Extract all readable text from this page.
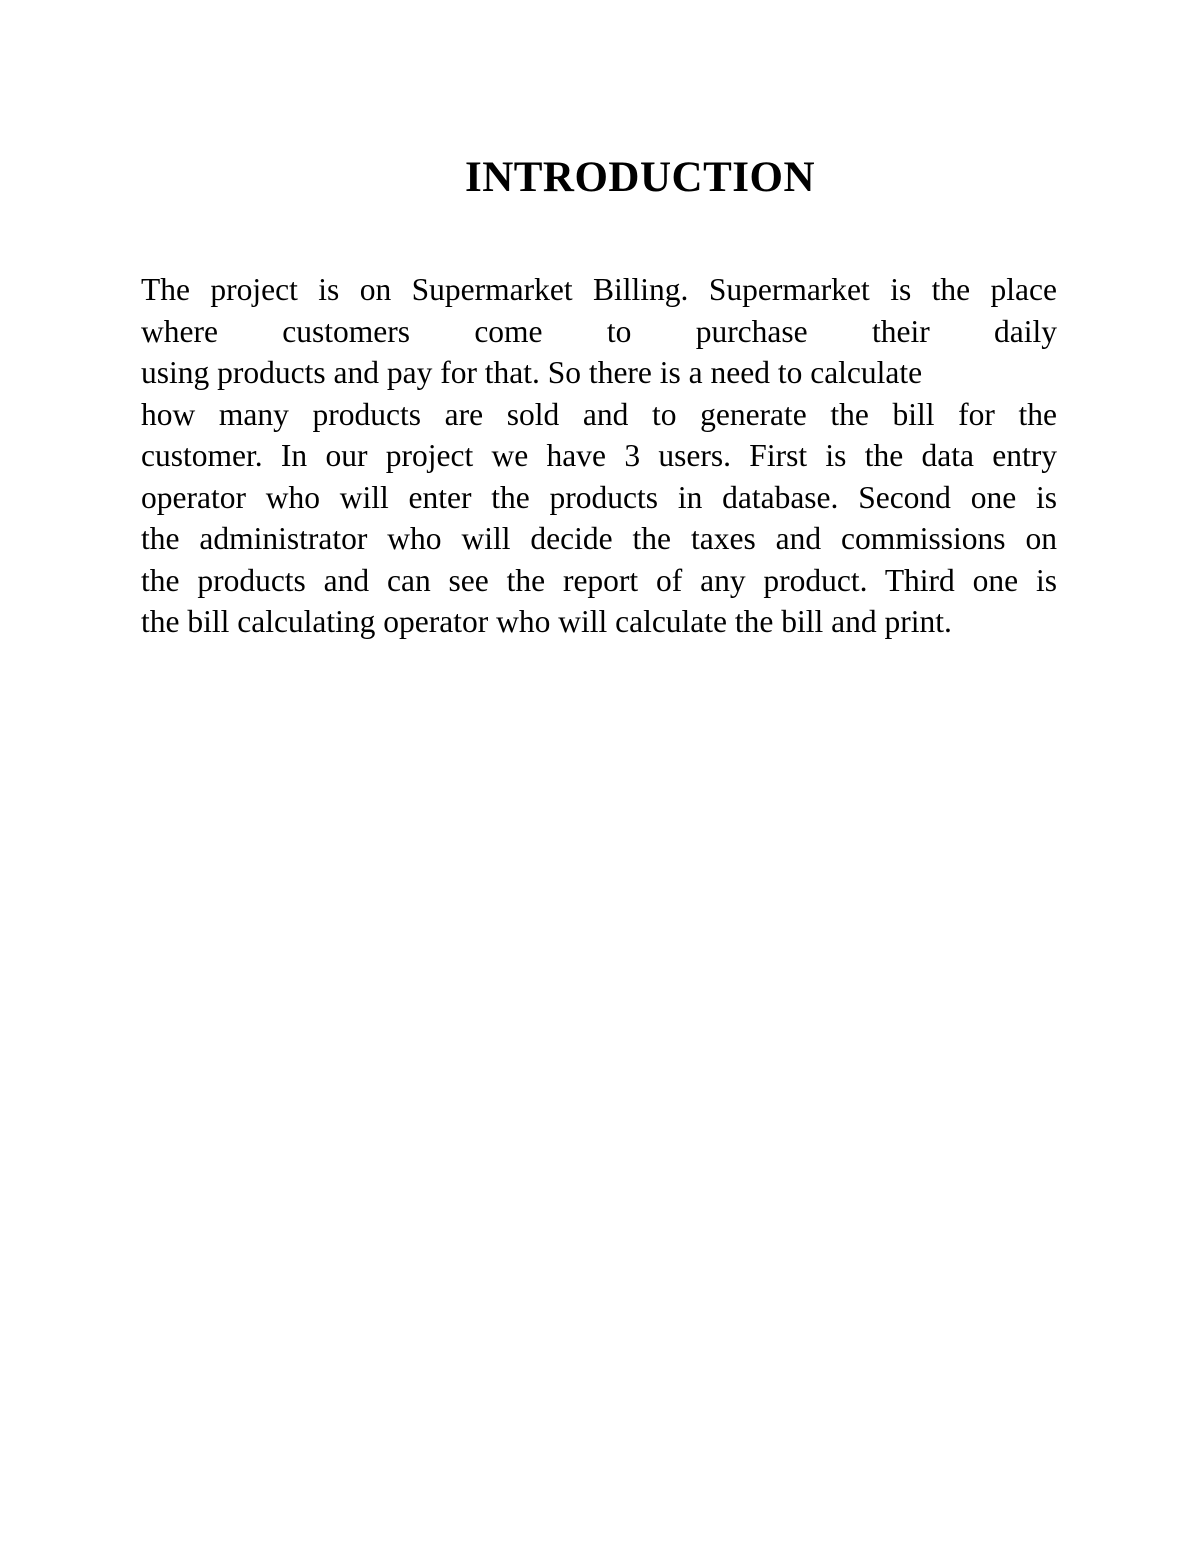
INTRODUCTION
The project is on Supermarket Billing. Supermarket is the place
where customers come to purchase their daily
using products and pay for that. So there is a need to calculate
how many products are sold and to generate the bill for the
customer. In our project we have 3 users. First is the data entry
operator who will enter the products in database. Second one is
the administrator who will decide the taxes and commissions on
the products and can see the report of any product. Third one is
the bill calculating operator who will calculate the bill and print.
